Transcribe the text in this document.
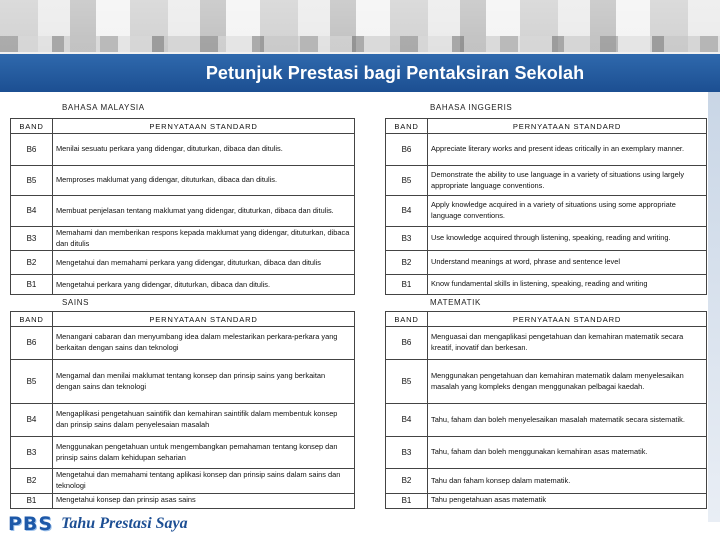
Petunjuk Prestasi bagi Pentaksiran Sekolah
BAHASA MALAYSIA
BAND	PERNYATAAN STANDARD
B6	Menilai sesuatu perkara yang didengar, dituturkan, dibaca dan ditulis.
B5	Memproses maklumat yang didengar, dituturkan, dibaca dan ditulis.
B4	Membuat penjelasan tentang maklumat yang didengar, dituturkan, dibaca dan ditulis.
B3	Memahami dan memberikan respons kepada maklumat yang didengar, dituturkan, dibaca dan ditulis
B2	Mengetahui dan memahami perkara yang didengar, dituturkan, dibaca dan ditulis
B1	Mengetahui perkara yang didengar, dituturkan, dibaca dan ditulis.
BAHASA INGGERIS
BAND	PERNYATAAN STANDARD
B6	Appreciate literary works and present ideas critically in an exemplary manner.
B5	Demonstrate the ability to use language in a variety of situations using largely appropriate language conventions.
B4	Apply knowledge acquired in a variety of situations using some appropriate language conventions.
B3	Use knowledge acquired through listening, speaking, reading and writing.
B2	Understand meanings at word, phrase and sentence level
B1	Know fundamental skills in listening, speaking, reading and writing
SAINS
BAND	PERNYATAAN STANDARD
B6	Menangani cabaran dan menyumbang idea dalam melestarikan perkara-perkara yang berkaitan dengan sains dan teknologi
B5	Mengamal dan menilai maklumat tentang konsep dan prinsip sains yang berkaitan dengan sains dan teknologi
B4	Mengaplikasi pengetahuan saintifik dan kemahiran saintifik dalam membentuk konsep dan prinsip sains dalam penyelesaian masalah
B3	Menggunakan pengetahuan untuk mengembangkan pemahaman tentang konsep dan prinsip sains dalam kehidupan seharian
B2	Mengetahui dan memahami tentang aplikasi konsep dan prinsip sains dalam sains dan teknologi
B1	Mengetahui konsep dan prinsip asas sains
MATEMATIK
BAND	PERNYATAAN STANDARD
B6	Menguasai dan mengaplikasi pengetahuan dan kemahiran matematik secara kreatif, inovatif dan berkesan.
B5	Menggunakan pengetahuan dan kemahiran matematik dalam menyelesaikan masalah yang kompleks dengan menggunakan pelbagai kaedah.
B4	Tahu, faham dan boleh menyelesaikan masalah matematik secara sistematik.
B3	Tahu, faham dan boleh menggunakan kemahiran asas matematik.
B2	Tahu dan faham konsep dalam matematik.
B1	Tahu pengetahuan asas matematik
PBS Tahu Prestasi Saya
